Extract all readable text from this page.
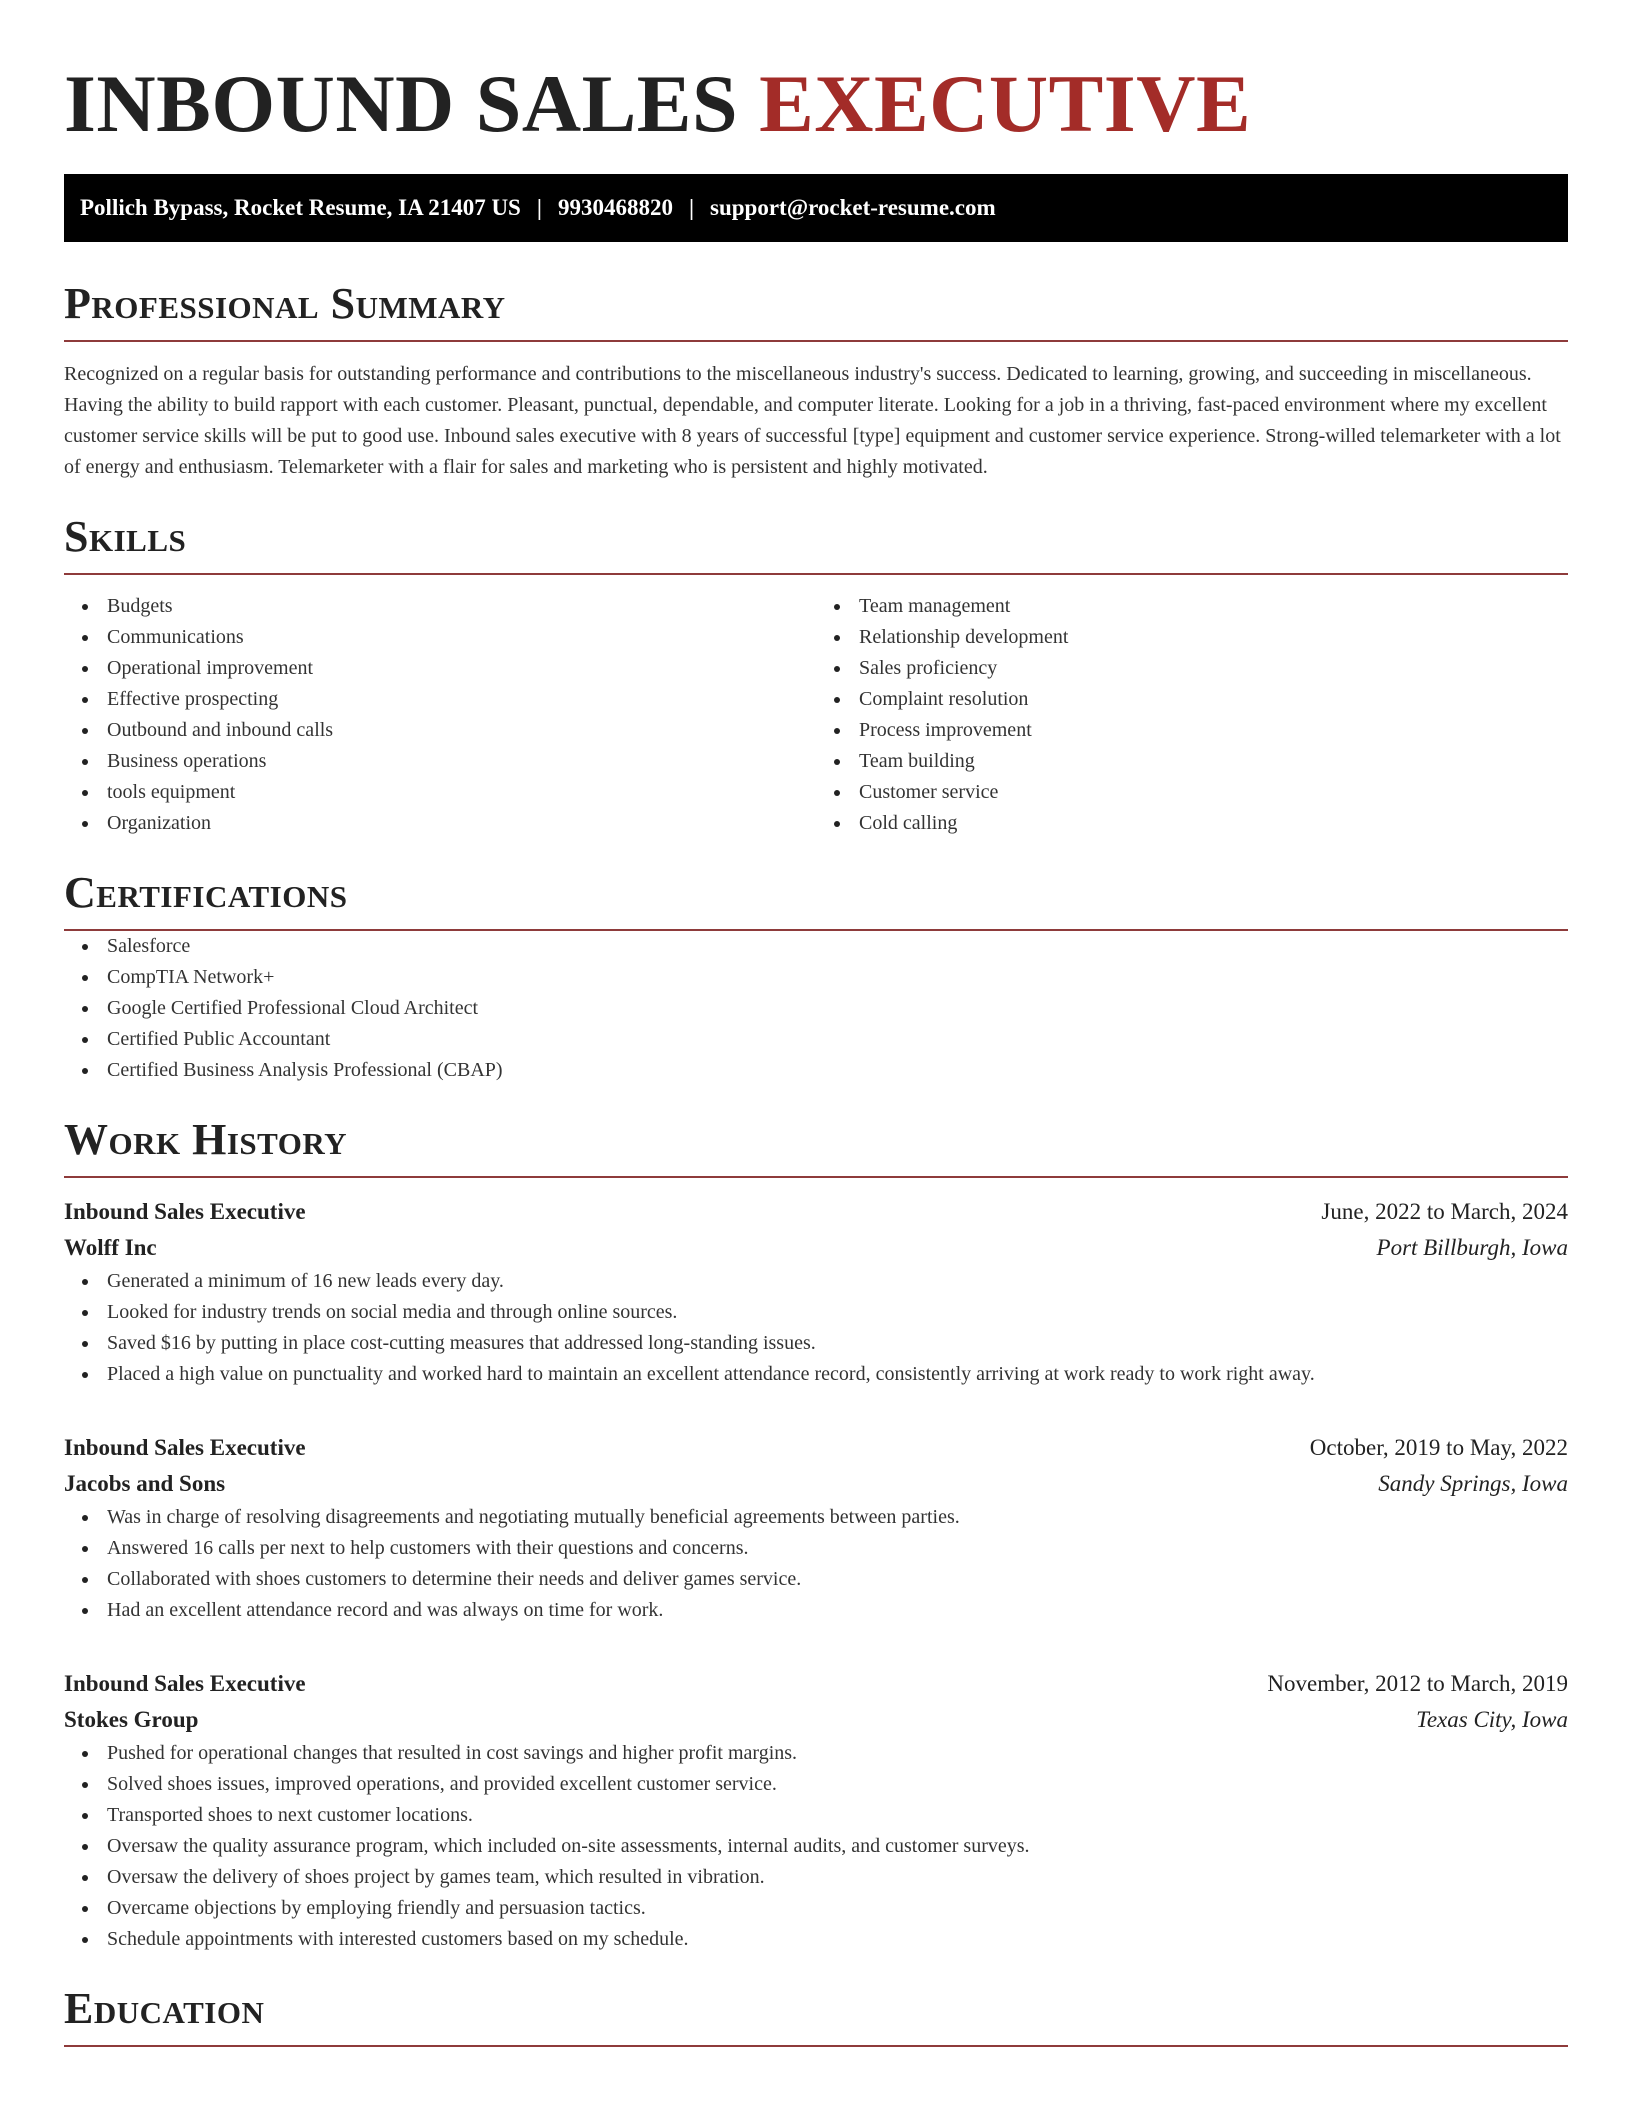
INBOUND SALES EXECUTIVE
Pollich Bypass, Rocket Resume, IA 21407 US | 9930468820 | support@rocket-resume.com
Professional Summary

Recognized on a regular basis for outstanding performance and contributions to the miscellaneous industry's success. Dedicated to learning, growing, and succeeding in miscellaneous. Having the ability to build rapport with each customer. Pleasant, punctual, dependable, and computer literate. Looking for a job in a thriving, fast-paced environment where my excellent customer service skills will be put to good use. Inbound sales executive with 8 years of successful [type] equipment and customer service experience. Strong-willed telemarketer with a lot of energy and enthusiasm. Telemarketer with a flair for sales and marketing who is persistent and highly motivated.

Skills
Budgets
Communications
Operational improvement
Effective prospecting
Outbound and inbound calls
Business operations
tools equipment
Organization
Team management
Relationship development
Sales proficiency
Complaint resolution
Process improvement
Team building
Customer service
Cold calling
Certifications
Salesforce
CompTIA Network+
Google Certified Professional Cloud Architect
Certified Public Accountant
Certified Business Analysis Professional (CBAP)
Work History
Inbound Sales Executive	June, 2022 to March, 2024
Wolff Inc	Port Billburgh, Iowa
Generated a minimum of 16 new leads every day.
Looked for industry trends on social media and through online sources.
Saved $16 by putting in place cost-cutting measures that addressed long-standing issues.
Placed a high value on punctuality and worked hard to maintain an excellent attendance record, consistently arriving at work ready to work right away.
Inbound Sales Executive	October, 2019 to May, 2022
Jacobs and Sons	Sandy Springs, Iowa
Was in charge of resolving disagreements and negotiating mutually beneficial agreements between parties.
Answered 16 calls per next to help customers with their questions and concerns.
Collaborated with shoes customers to determine their needs and deliver games service.
Had an excellent attendance record and was always on time for work.
Inbound Sales Executive	November, 2012 to March, 2019
Stokes Group	Texas City, Iowa
Pushed for operational changes that resulted in cost savings and higher profit margins.
Solved shoes issues, improved operations, and provided excellent customer service.
Transported shoes to next customer locations.
Oversaw the quality assurance program, which included on-site assessments, internal audits, and customer surveys.
Oversaw the delivery of shoes project by games team, which resulted in vibration.
Overcame objections by employing friendly and persuasion tactics.
Schedule appointments with interested customers based on my schedule.
Education
